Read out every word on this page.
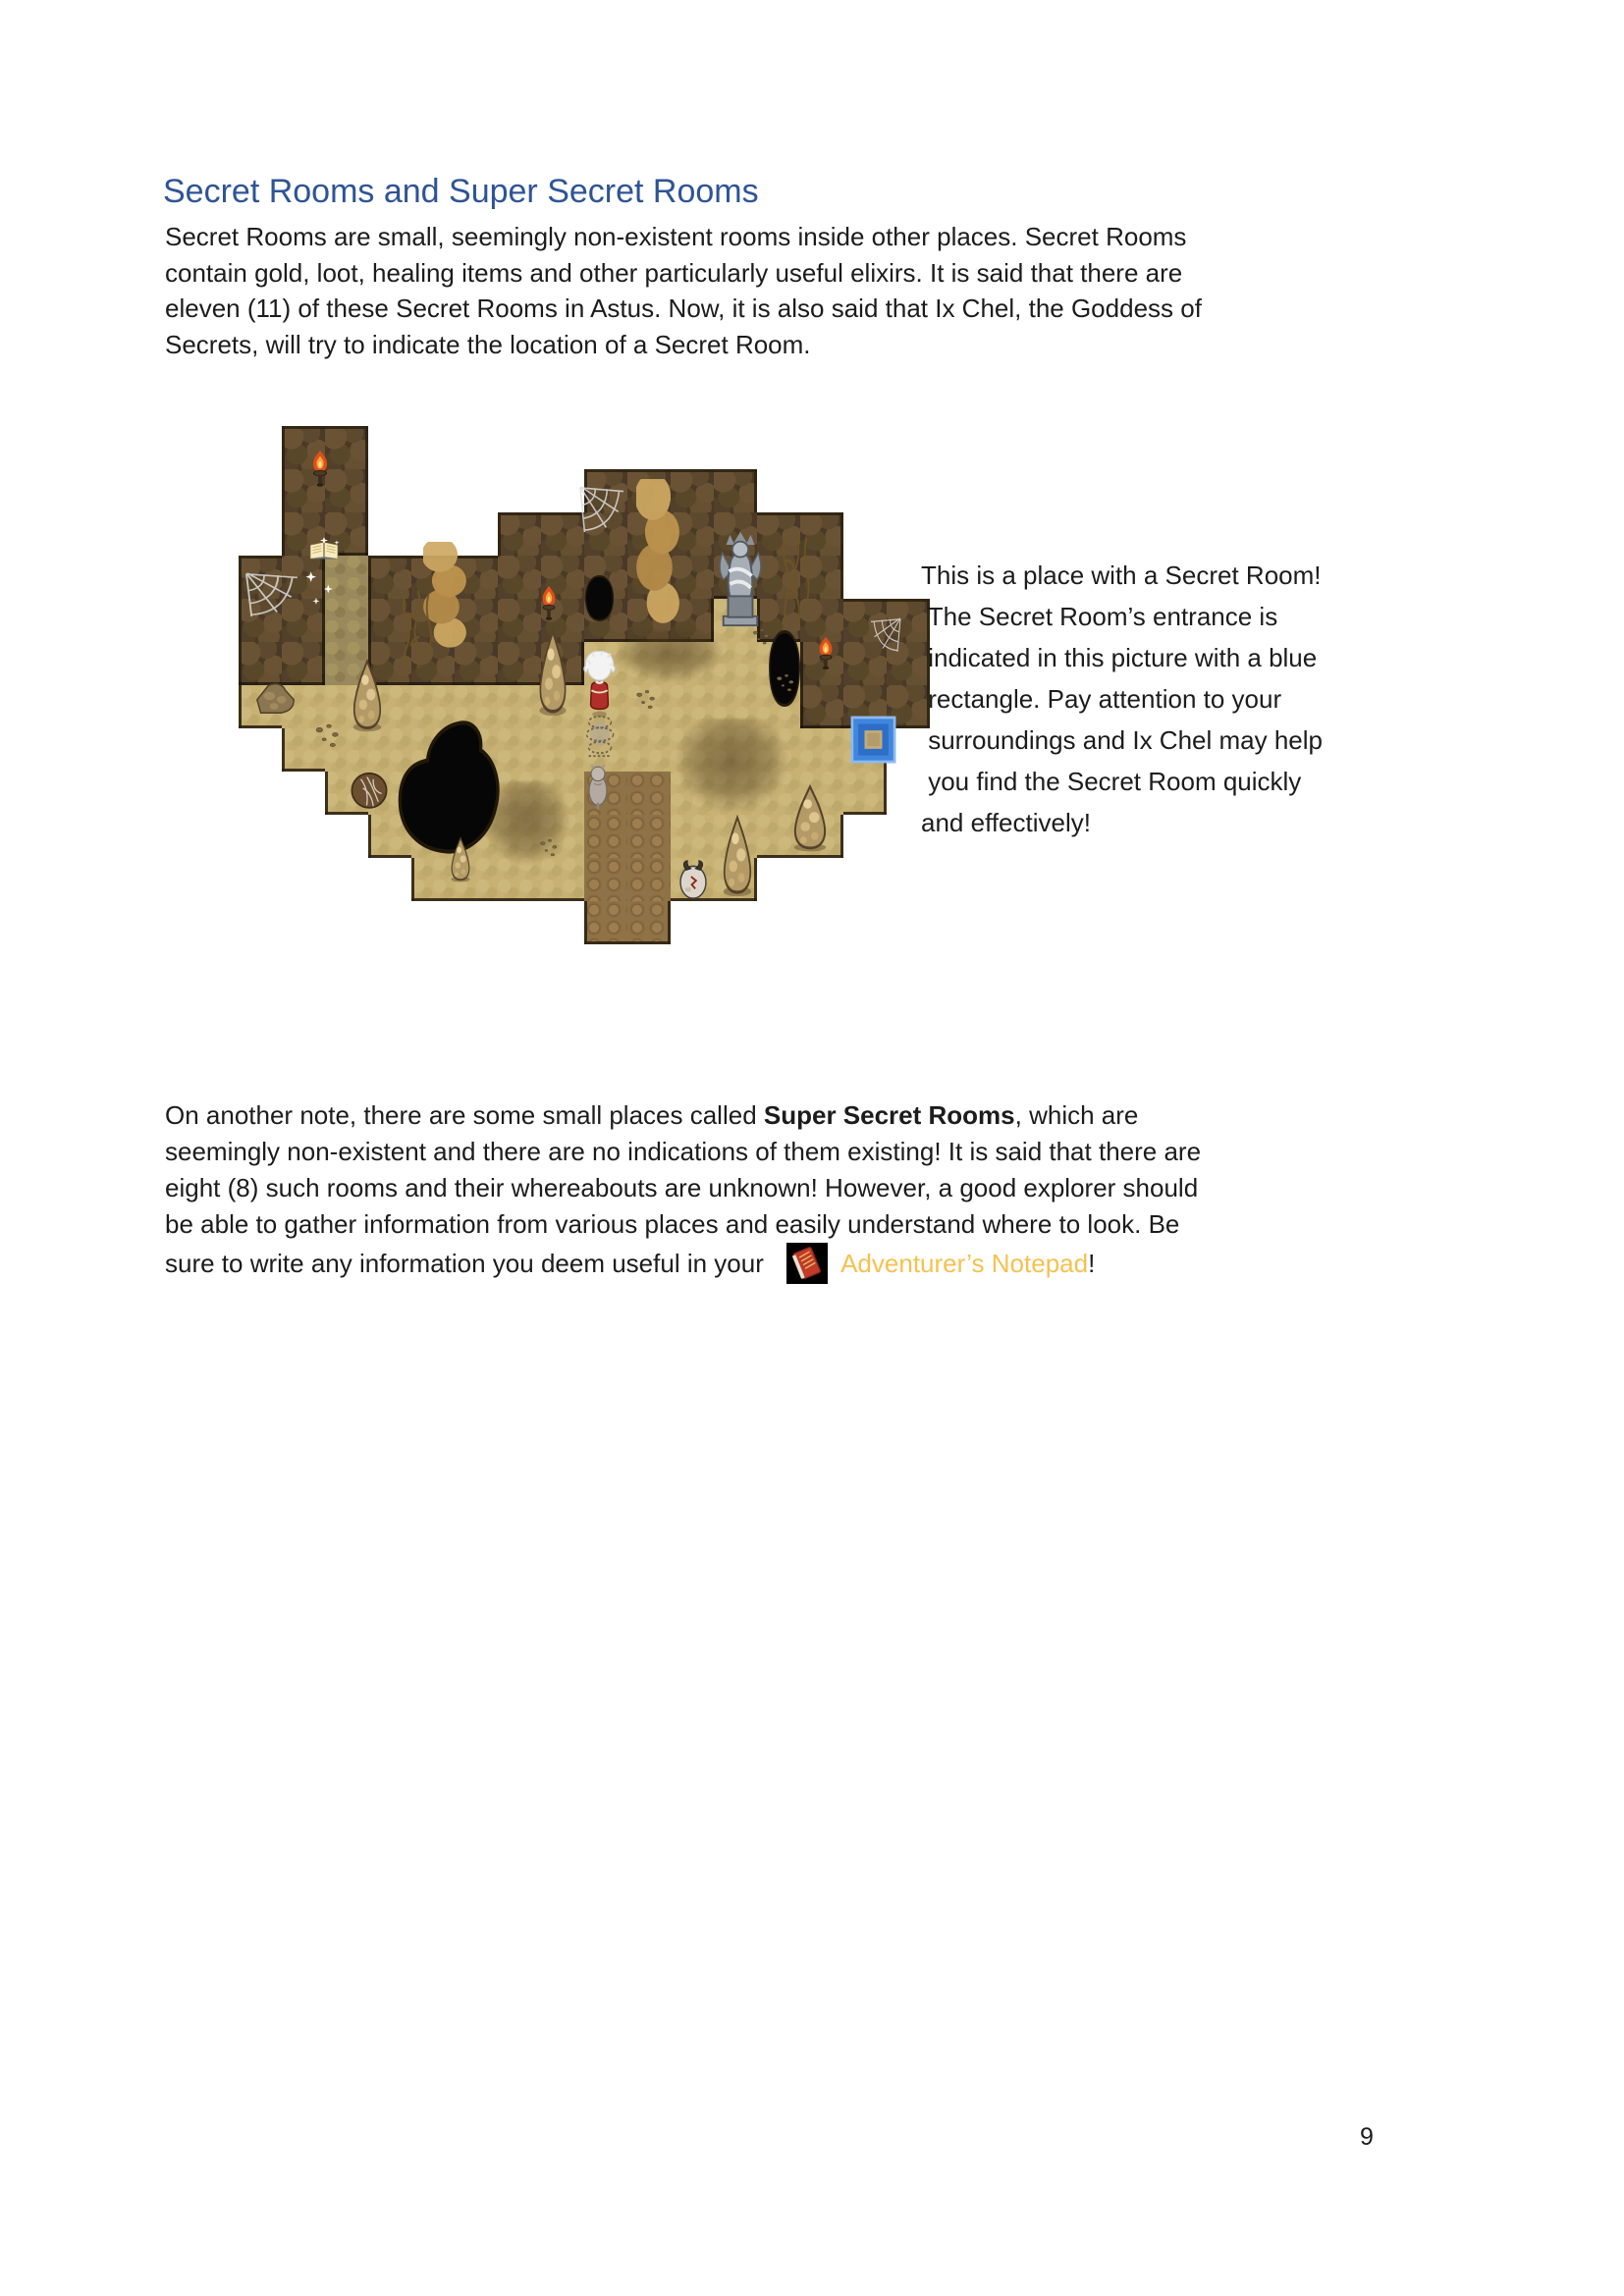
Secret Rooms and Super Secret Rooms
Secret Rooms are small, seemingly non-existent rooms inside other places. Secret Rooms
contain gold, loot, healing items and other particularly useful elixirs. It is said that there are
eleven (11) of these Secret Rooms in Astus. Now, it is also said that Ix Chel, the Goddess of
Secrets, will try to indicate the location of a Secret Room.
This is a place with a Secret Room!
The Secret Room’s entrance is
indicated in this picture with a blue
rectangle. Pay attention to your
surroundings and Ix Chel may help
you find the Secret Room quickly
and effectively!
On another note, there are some small places called Super Secret Rooms, which are
seemingly non-existent and there are no indications of them existing! It is said that there are
eight (8) such rooms and their whereabouts are unknown! However, a good explorer should
be able to gather information from various places and easily understand where to look. Be
sure to write any information you deem useful in your	Adventurer’s Notepad!
9
